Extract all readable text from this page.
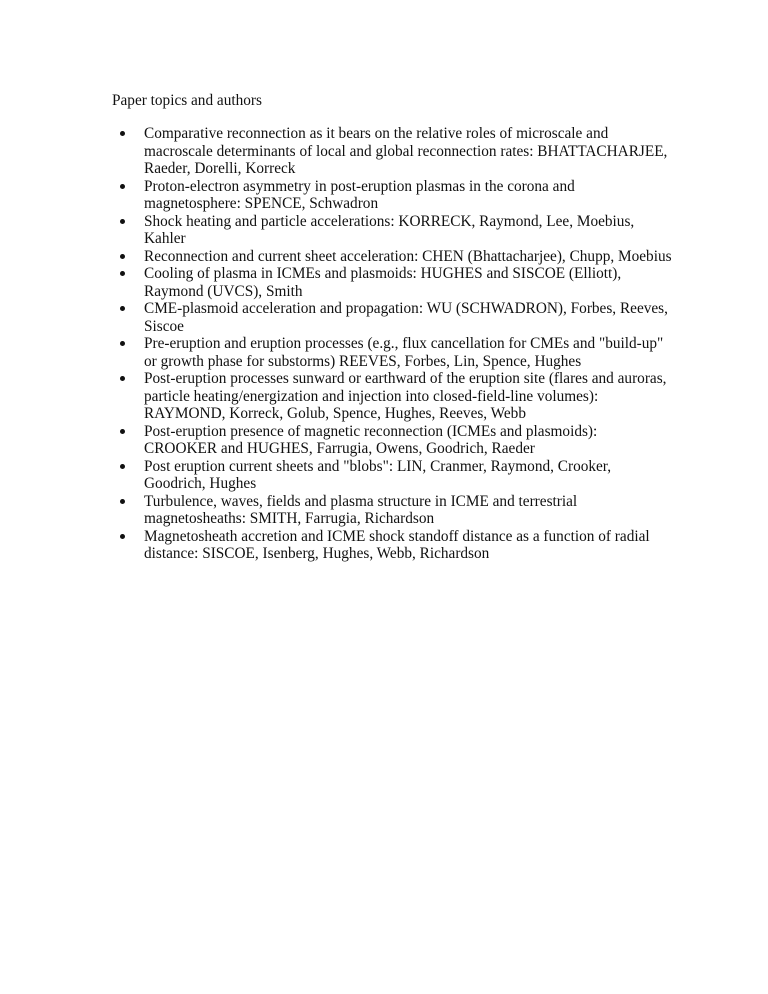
Paper topics and authors
Comparative reconnection as it bears on the relative roles of microscale and macroscale determinants of local and global reconnection rates: BHATTACHARJEE, Raeder, Dorelli, Korreck
Proton-electron asymmetry in post-eruption plasmas in the corona and magnetosphere: SPENCE, Schwadron
Shock heating and particle accelerations: KORRECK, Raymond, Lee, Moebius, Kahler
Reconnection and current sheet acceleration: CHEN (Bhattacharjee), Chupp, Moebius
Cooling of plasma in ICMEs and plasmoids: HUGHES and SISCOE (Elliott), Raymond (UVCS), Smith
CME-plasmoid acceleration and propagation: WU (SCHWADRON), Forbes, Reeves, Siscoe
Pre-eruption and eruption processes (e.g., flux cancellation for CMEs and "build-up" or growth phase for substorms) REEVES, Forbes, Lin, Spence, Hughes
Post-eruption processes sunward or earthward of the eruption site (flares and auroras, particle heating/energization and injection into closed-field-line volumes): RAYMOND, Korreck, Golub, Spence, Hughes, Reeves, Webb
Post-eruption presence of magnetic reconnection (ICMEs and plasmoids): CROOKER and HUGHES, Farrugia, Owens, Goodrich, Raeder
Post eruption current sheets and "blobs": LIN, Cranmer, Raymond, Crooker, Goodrich, Hughes
Turbulence, waves, fields and plasma structure in ICME and terrestrial magnetosheaths: SMITH, Farrugia, Richardson
Magnetosheath accretion and ICME shock standoff distance as a function of radial distance: SISCOE, Isenberg, Hughes, Webb, Richardson
